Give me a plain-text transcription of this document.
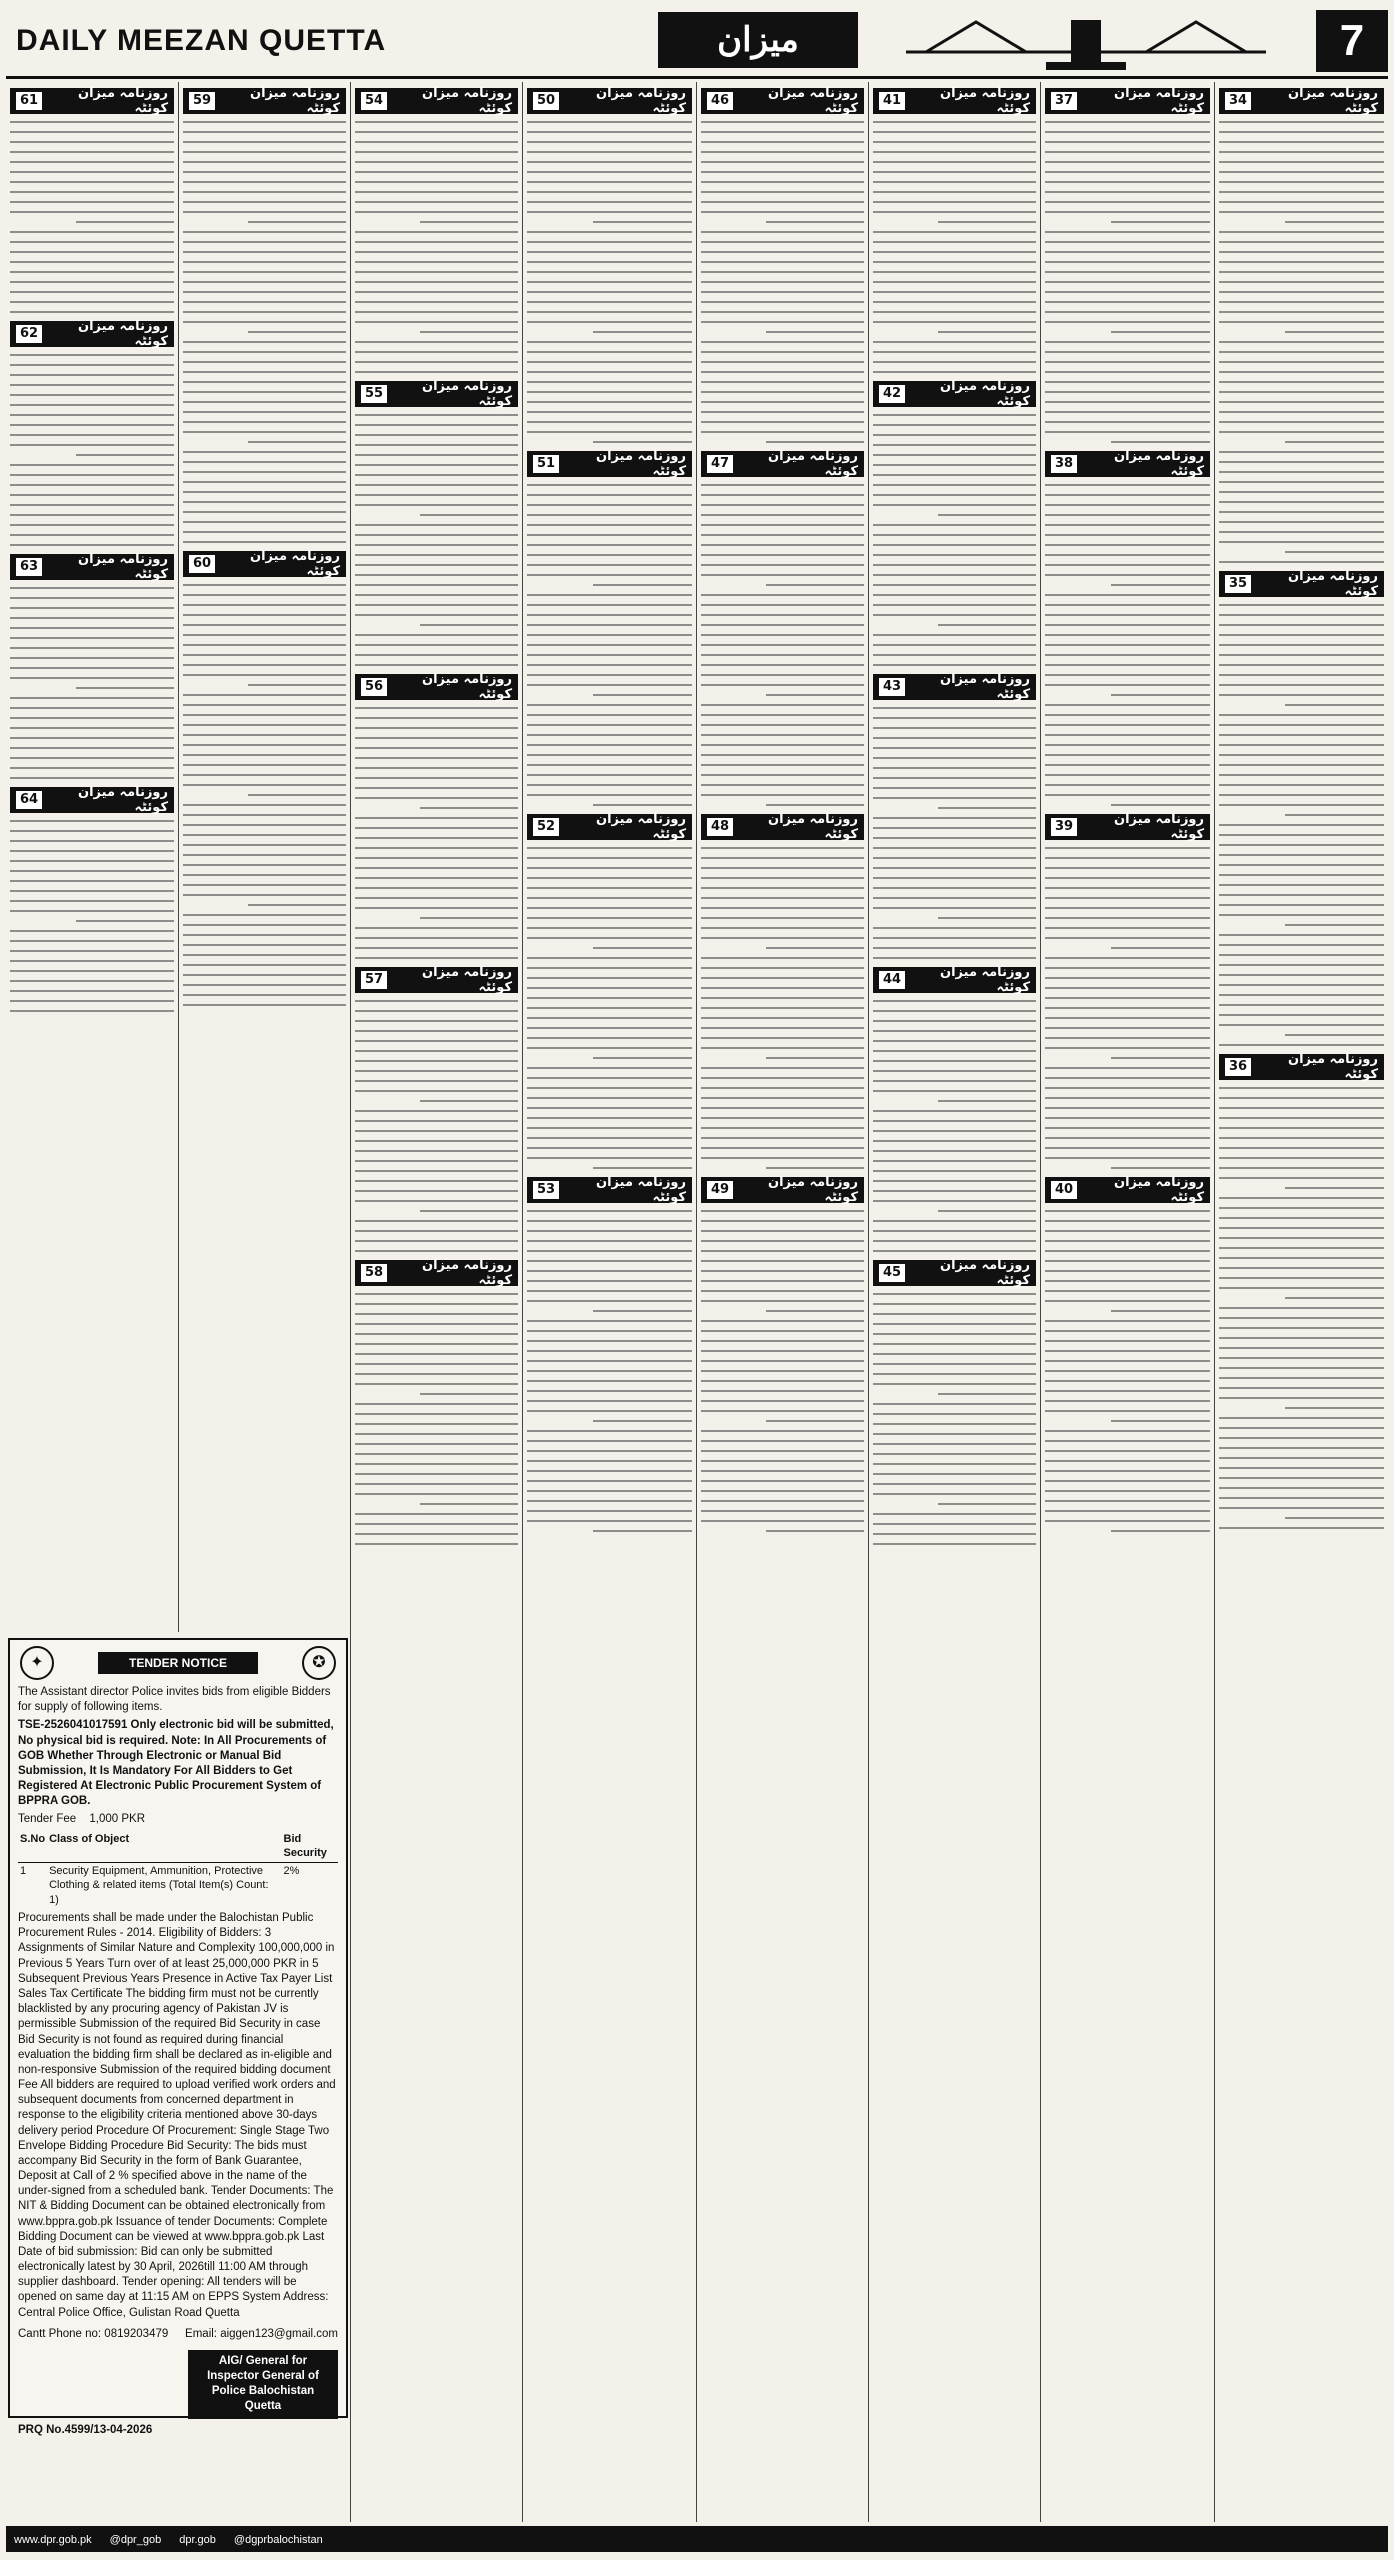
DAILY MEEZAN QUETTA	میزان	7
روزنامہ میزان کوئٹہ
61
روزنامہ میزان کوئٹہ
62
روزنامہ میزان کوئٹہ
63
روزنامہ میزان کوئٹہ
64
روزنامہ میزان کوئٹہ
59
روزنامہ میزان کوئٹہ
60
روزنامہ میزان کوئٹہ
54
روزنامہ میزان کوئٹہ
55
روزنامہ میزان کوئٹہ
56
روزنامہ میزان کوئٹہ
57
روزنامہ میزان کوئٹہ
58
روزنامہ میزان کوئٹہ
50
روزنامہ میزان کوئٹہ
51
روزنامہ میزان کوئٹہ
52
روزنامہ میزان کوئٹہ
53
روزنامہ میزان کوئٹہ
46
روزنامہ میزان کوئٹہ
47
روزنامہ میزان کوئٹہ
48
روزنامہ میزان کوئٹہ
49
روزنامہ میزان کوئٹہ
41
روزنامہ میزان کوئٹہ
42
روزنامہ میزان کوئٹہ
43
روزنامہ میزان کوئٹہ
44
روزنامہ میزان کوئٹہ
45
روزنامہ میزان کوئٹہ
37
روزنامہ میزان کوئٹہ
38
روزنامہ میزان کوئٹہ
39
روزنامہ میزان کوئٹہ
40
روزنامہ میزان کوئٹہ
34
روزنامہ میزان کوئٹہ
35
روزنامہ میزان کوئٹہ
36
✦	TENDER NOTICE	✪

The Assistant director Police invites bids from eligible Bidders for supply of following items.

TSE-2526041017591 Only electronic bid will be submitted, No physical bid is required. Note: In All Procurements of GOB Whether Through Electronic or Manual Bid Submission, It Is Mandatory For All Bidders to Get Registered At Electronic Public Procurement System of BPPRA GOB.

Tender Fee 1,000 PKR
S.No	Class of Object	Bid Security
1	Security Equipment, Ammunition, Protective Clothing & related items (Total Item(s) Count: 1)	2%

Procurements shall be made under the Balochistan Public Procurement Rules - 2014. Eligibility of Bidders: 3 Assignments of Similar Nature and Complexity 100,000,000 in Previous 5 Years Turn over of at least 25,000,000 PKR in 5 Subsequent Previous Years Presence in Active Tax Payer List Sales Tax Certificate The bidding firm must not be currently blacklisted by any procuring agency of Pakistan JV is permissible Submission of the required Bid Security in case Bid Security is not found as required during financial evaluation the bidding firm shall be declared as in-eligible and non-responsive Submission of the required bidding document Fee All bidders are required to upload verified work orders and subsequent documents from concerned department in response to the eligibility criteria mentioned above 30-days delivery period Procedure Of Procurement: Single Stage Two Envelope Bidding Procedure Bid Security: The bids must accompany Bid Security in the form of Bank Guarantee, Deposit at Call of 2 % specified above in the name of the under-signed from a scheduled bank. Tender Documents: The NIT & Bidding Document can be obtained electronically from www.bppra.gob.pk Issuance of tender Documents: Complete Bidding Document can be viewed at www.bppra.gob.pk Last Date of bid submission: Bid can only be submitted electronically latest by 30 April, 2026till 11:00 AM through supplier dashboard. Tender opening: All tenders will be opened on same day at 11:15 AM on EPPS System Address: Central Police Office, Gulistan Road Quetta

Cantt Phone no: 0819203479 Email: aiggen123@gmail.com
AIG/ General for Inspector General of Police Balochistan Quetta
PRQ No.4599/13-04-2026
www.dpr.gob.pk @dpr_gob dpr.gob @dgprbalochistan
